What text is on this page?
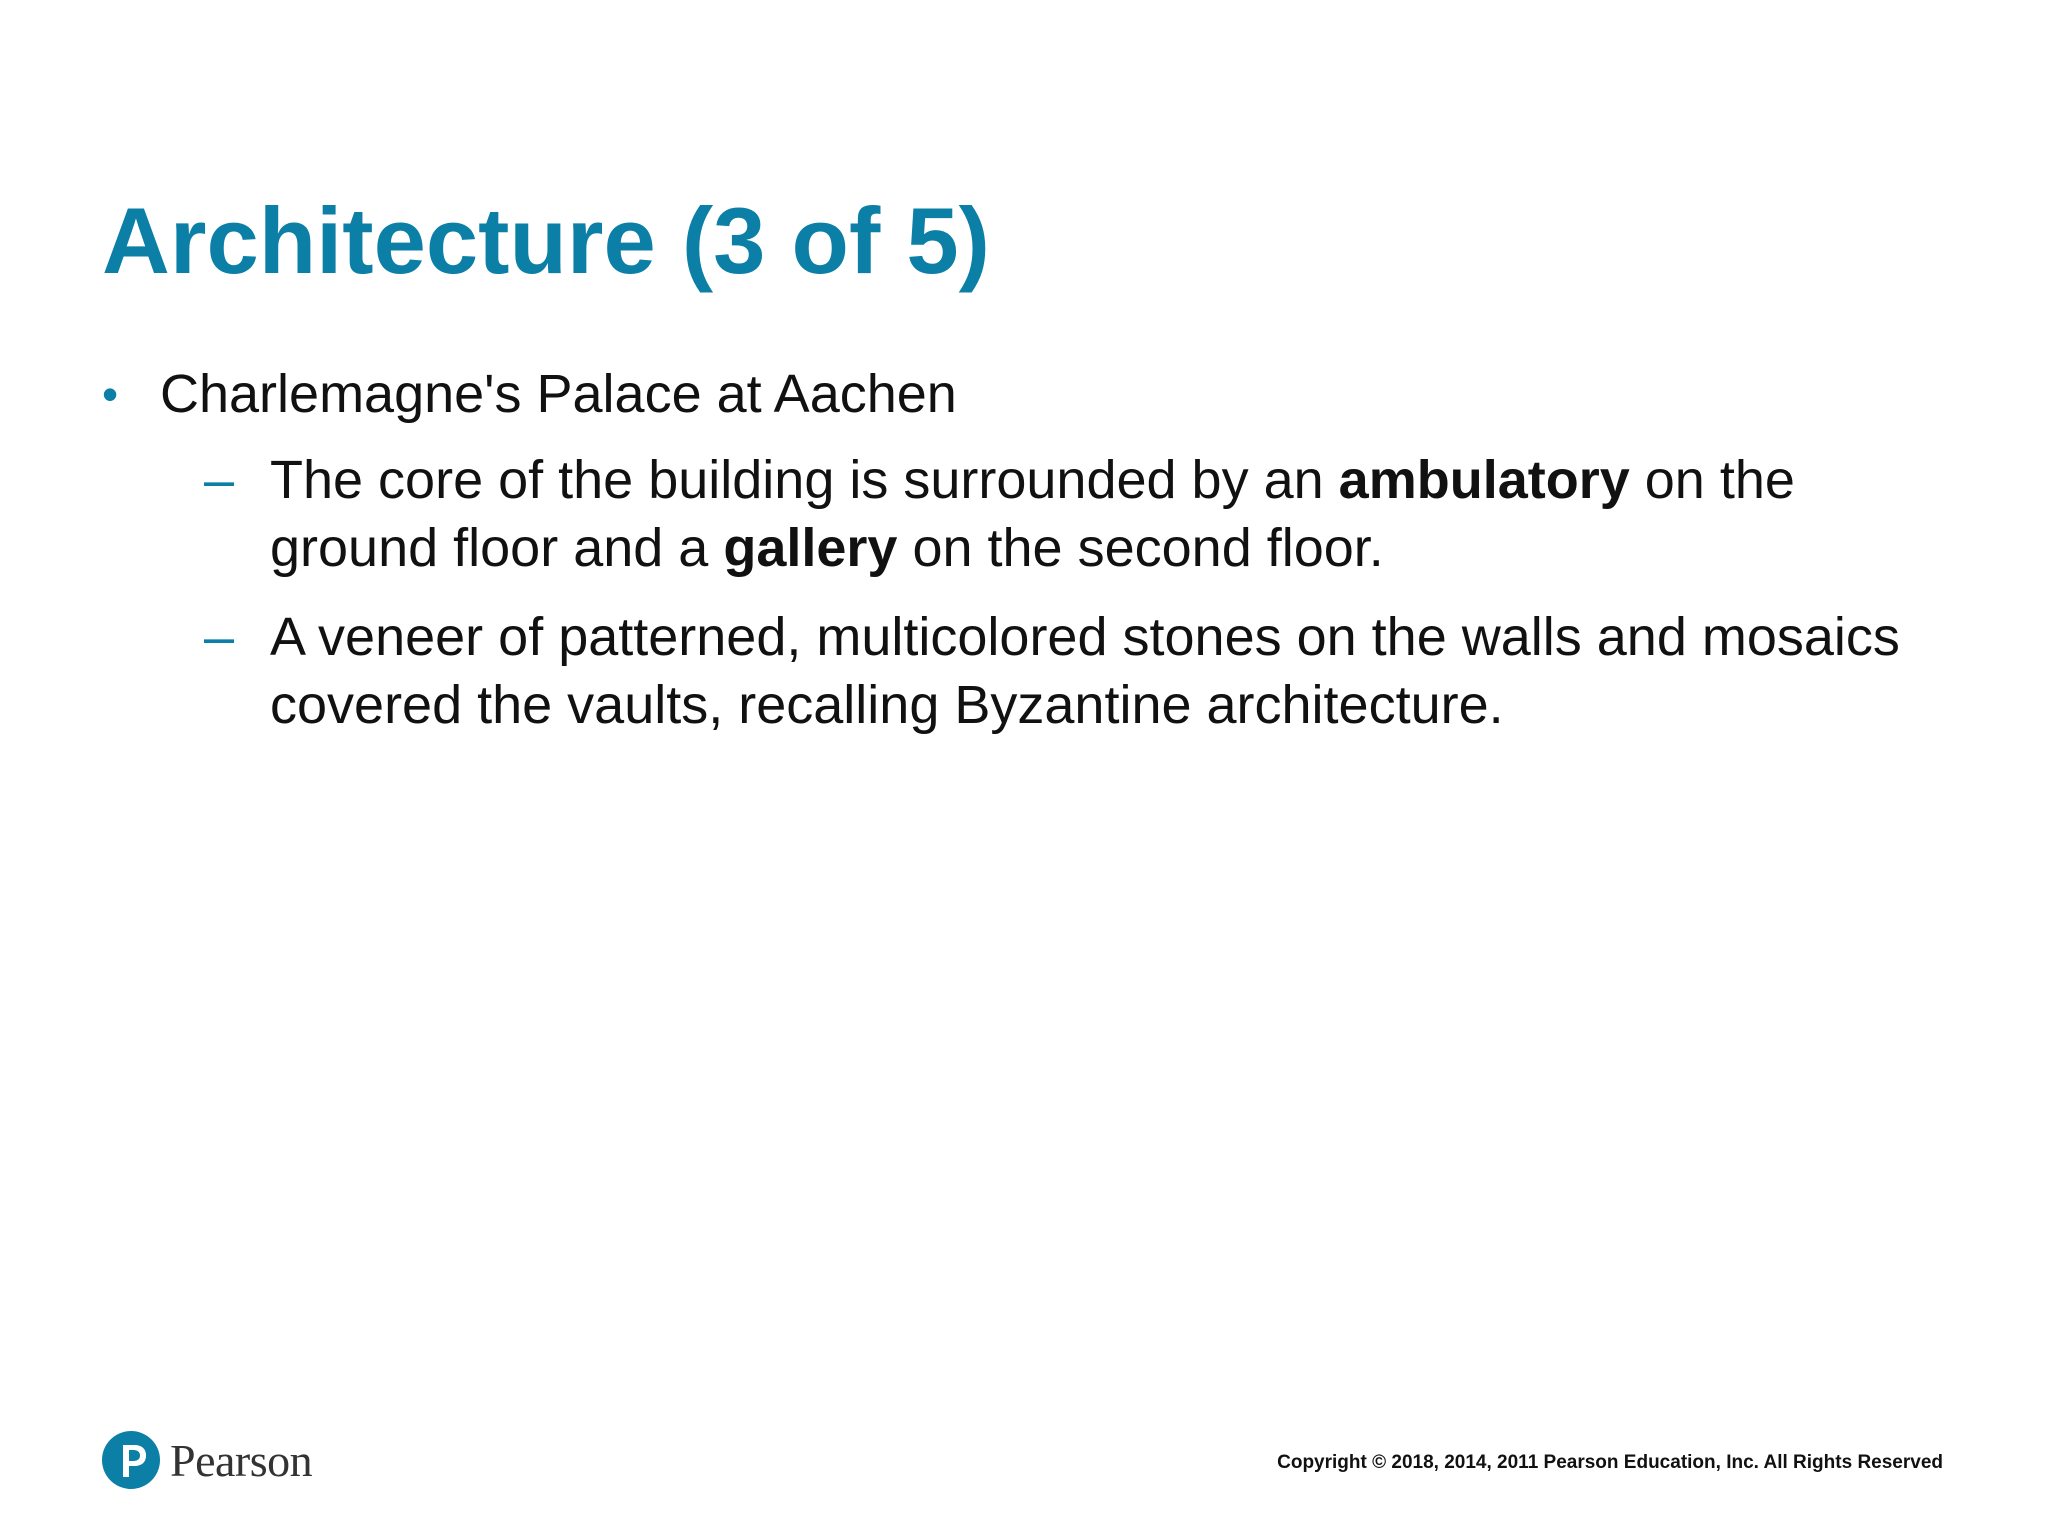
Architecture (3 of 5)
• Charlemagne's Palace at Aachen
– The core of the building is surrounded by an ambulatory on the ground floor and a gallery on the second floor.
– A veneer of patterned, multicolored stones on the walls and mosaics covered the vaults, recalling Byzantine architecture.
Pearson	Copyright © 2018, 2014, 2011 Pearson Education, Inc. All Rights Reserved
